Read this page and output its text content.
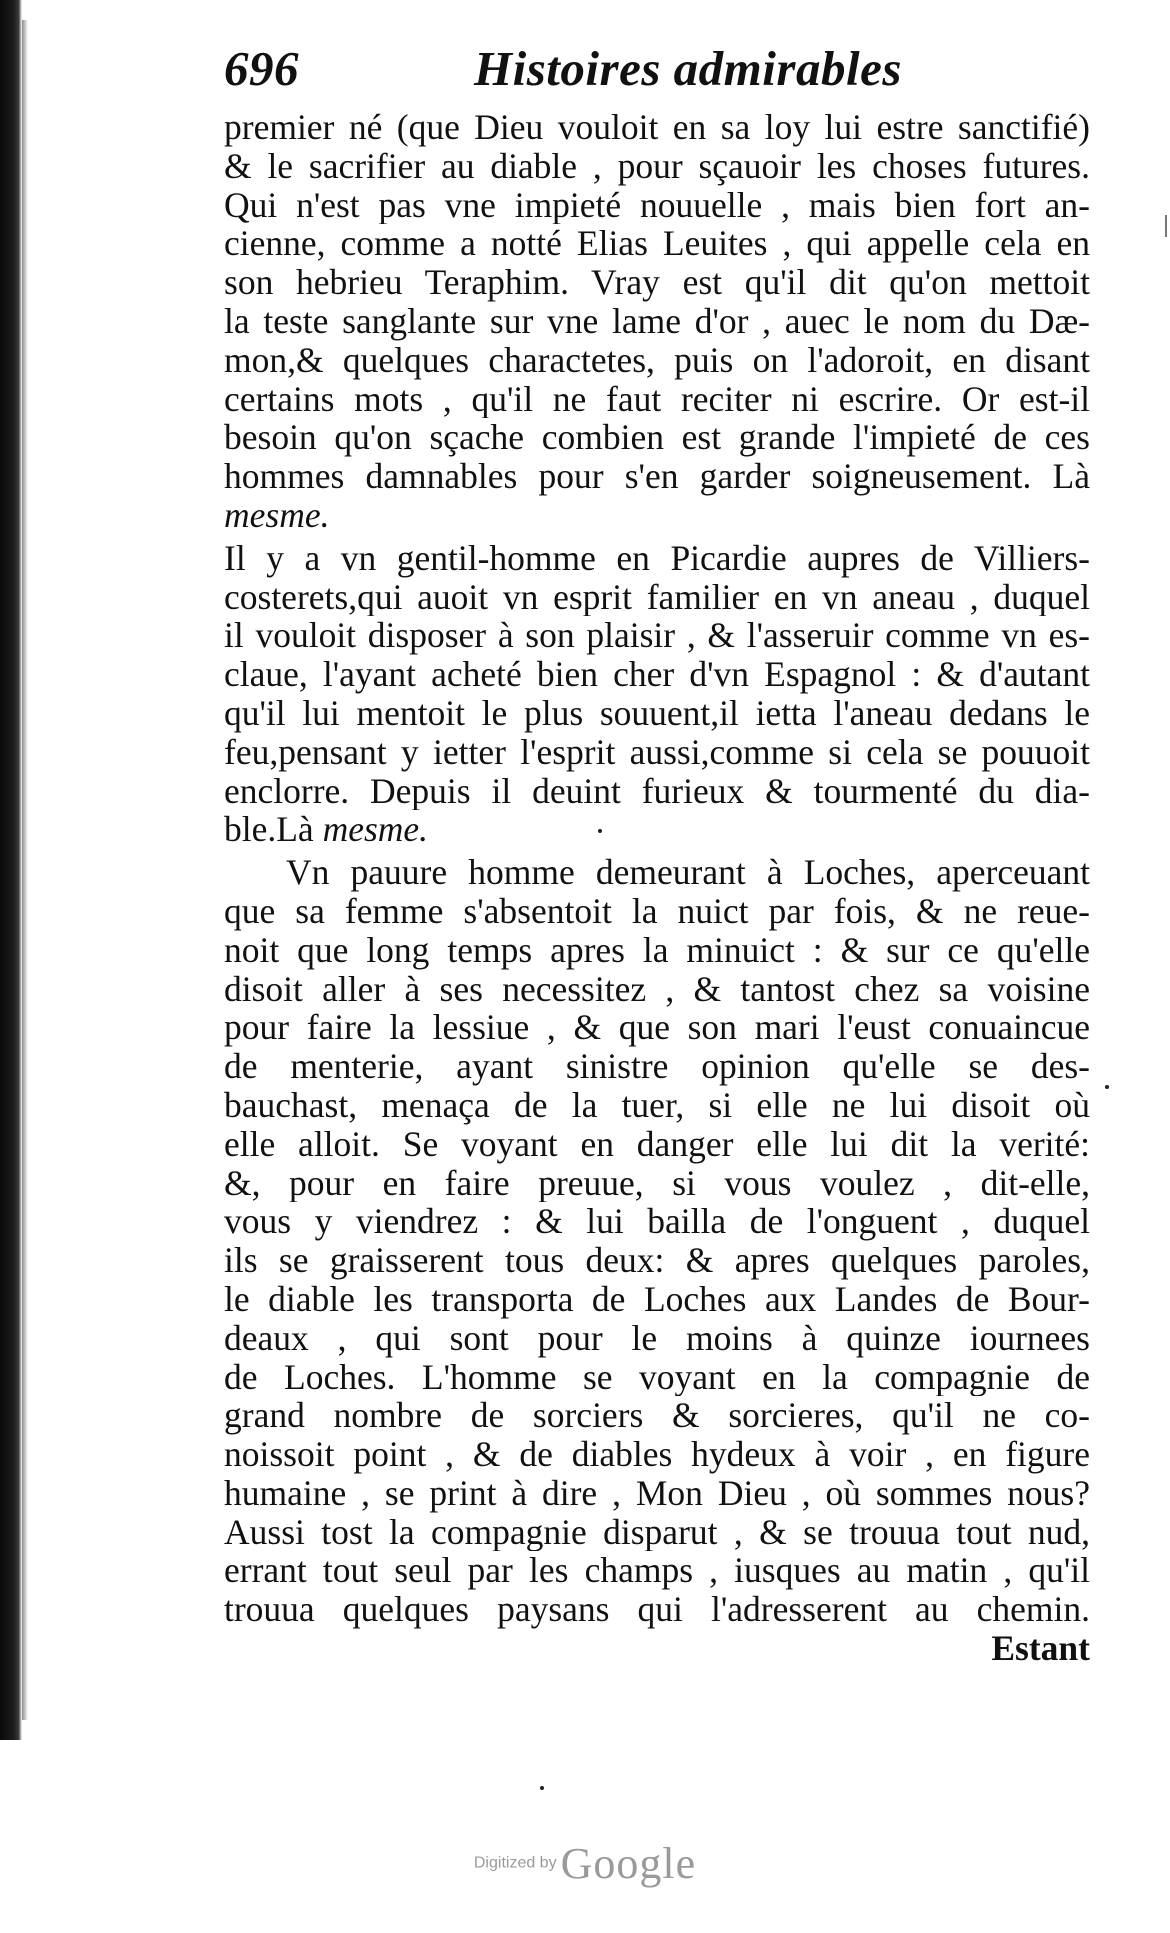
696	Histoires admirables
premier né (que Dieu vouloit en sa loy lui estre sanctifié)
& le sacrifier au diable , pour sçauoir les choses futures.
Qui n'est pas vne impieté nouuelle , mais bien fort an-
cienne, comme a notté Elias Leuites , qui appelle cela en
son hebrieu Teraphim. Vray est qu'il dit qu'on mettoit
la teste sanglante sur vne lame d'or , auec le nom du Dæ-
mon,& quelques charactetes, puis on l'adoroit, en disant
certains mots , qu'il ne faut reciter ni escrire. Or est-il
besoin qu'on sçache combien est grande l'impieté de ces
hommes damnables pour s'en garder soigneusement. Là
mesme.
Il y a vn gentil-homme en Picardie aupres de Villiers-
costerets,qui auoit vn esprit familier en vn aneau , duquel
il vouloit disposer à son plaisir , & l'asseruir comme vn es-
claue, l'ayant acheté bien cher d'vn Espagnol : & d'autant
qu'il lui mentoit le plus souuent,il ietta l'aneau dedans le
feu,pensant y ietter l'esprit aussi,comme si cela se pouuoit
enclorre. Depuis il deuint furieux & tourmenté du dia-
ble.Là mesme.
Vn pauure homme demeurant à Loches, aperceuant
que sa femme s'absentoit la nuict par fois, & ne reue-
noit que long temps apres la minuict : & sur ce qu'elle
disoit aller à ses necessitez , & tantost chez sa voisine
pour faire la lessiue , & que son mari l'eust conuaincue
de menterie, ayant sinistre opinion qu'elle se des-
bauchast, menaça de la tuer, si elle ne lui disoit où
elle alloit. Se voyant en danger elle lui dit la verité:
&, pour en faire preuue, si vous voulez , dit-elle,
vous y viendrez : & lui bailla de l'onguent , duquel
ils se graisserent tous deux: & apres quelques paroles,
le diable les transporta de Loches aux Landes de Bour-
deaux , qui sont pour le moins à quinze iournees
de Loches. L'homme se voyant en la compagnie de
grand nombre de sorciers & sorcieres, qu'il ne co-
noissoit point , & de diables hydeux à voir , en figure
humaine , se print à dire , Mon Dieu , où sommes nous?
Aussi tost la compagnie disparut , & se trouua tout nud,
errant tout seul par les champs , iusques au matin , qu'il
trouua quelques paysans qui l'adresserent au chemin.
Estant
Digitized by Google
